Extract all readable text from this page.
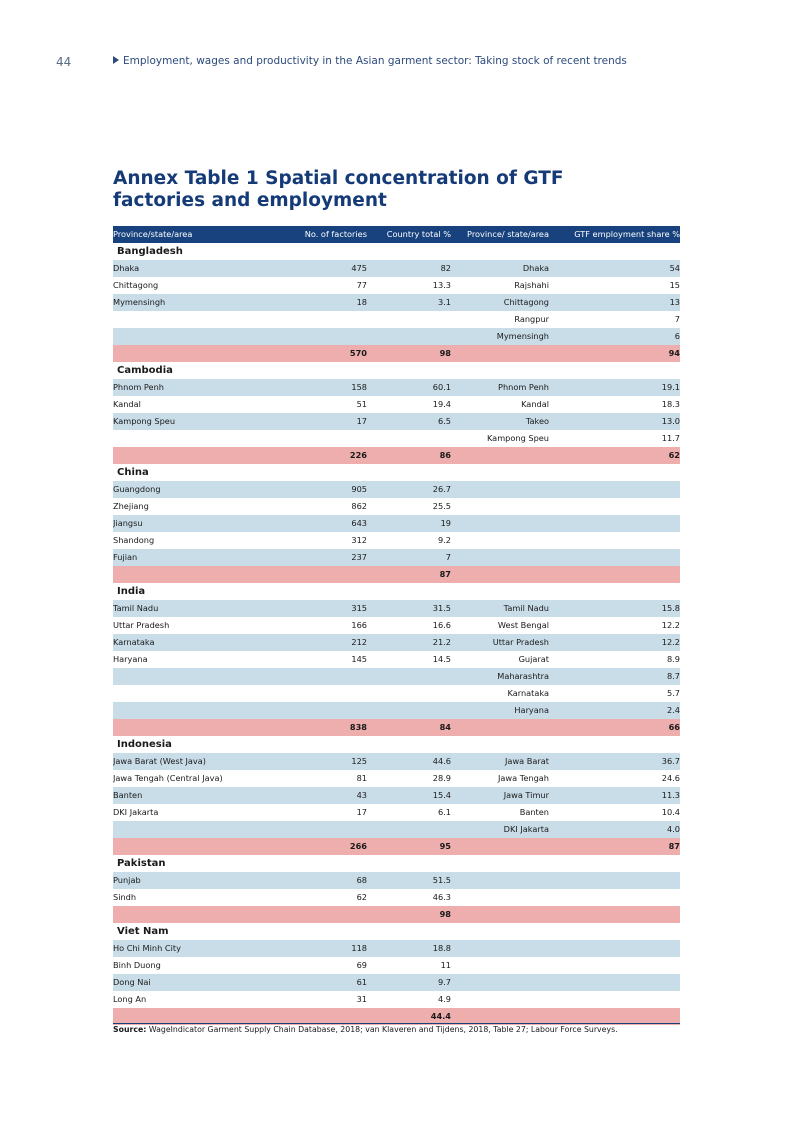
44	Employment, wages and productivity in the Asian garment sector: Taking stock of recent trends
Annex Table 1 Spatial concentration of GTF factories and employment
Province/state/area	No. of factories	Country total %	Province/ state/area	GTF employment share %
Bangladesh				
Dhaka	475	82	Dhaka	54
Chittagong	77	13.3	Rajshahi	15
Mymensingh	18	3.1	Chittagong	13
			Rangpur	7
			Mymensingh	6
	570	98		94
Cambodia				
Phnom Penh	158	60.1	Phnom Penh	19.1
Kandal	51	19.4	Kandal	18.3
Kampong Speu	17	6.5	Takeo	13.0
			Kampong Speu	11.7
	226	86		62
China				
Guangdong	905	26.7		
Zhejiang	862	25.5		
Jiangsu	643	19		
Shandong	312	9.2		
Fujian	237	7		
		87		
India				
Tamil Nadu	315	31.5	Tamil Nadu	15.8
Uttar Pradesh	166	16.6	West Bengal	12.2
Karnataka	212	21.2	Uttar Pradesh	12.2
Haryana	145	14.5	Gujarat	8.9
			Maharashtra	8.7
			Karnataka	5.7
			Haryana	2.4
	838	84		66
Indonesia				
Jawa Barat (West Java)	125	44.6	Jawa Barat	36.7
Jawa Tengah (Central Java)	81	28.9	Jawa Tengah	24.6
Banten	43	15.4	Jawa Timur	11.3
DKI Jakarta	17	6.1	Banten	10.4
			DKI Jakarta	4.0
	266	95		87
Pakistan				
Punjab	68	51.5		
Sindh	62	46.3		
		98		
Viet Nam				
Ho Chi Minh City	118	18.8		
Binh Duong	69	11		
Dong Nai	61	9.7		
Long An	31	4.9		
		44.4		
Source: WageIndicator Garment Supply Chain Database, 2018; van Klaveren and Tijdens, 2018, Table 27; Labour Force Surveys.
